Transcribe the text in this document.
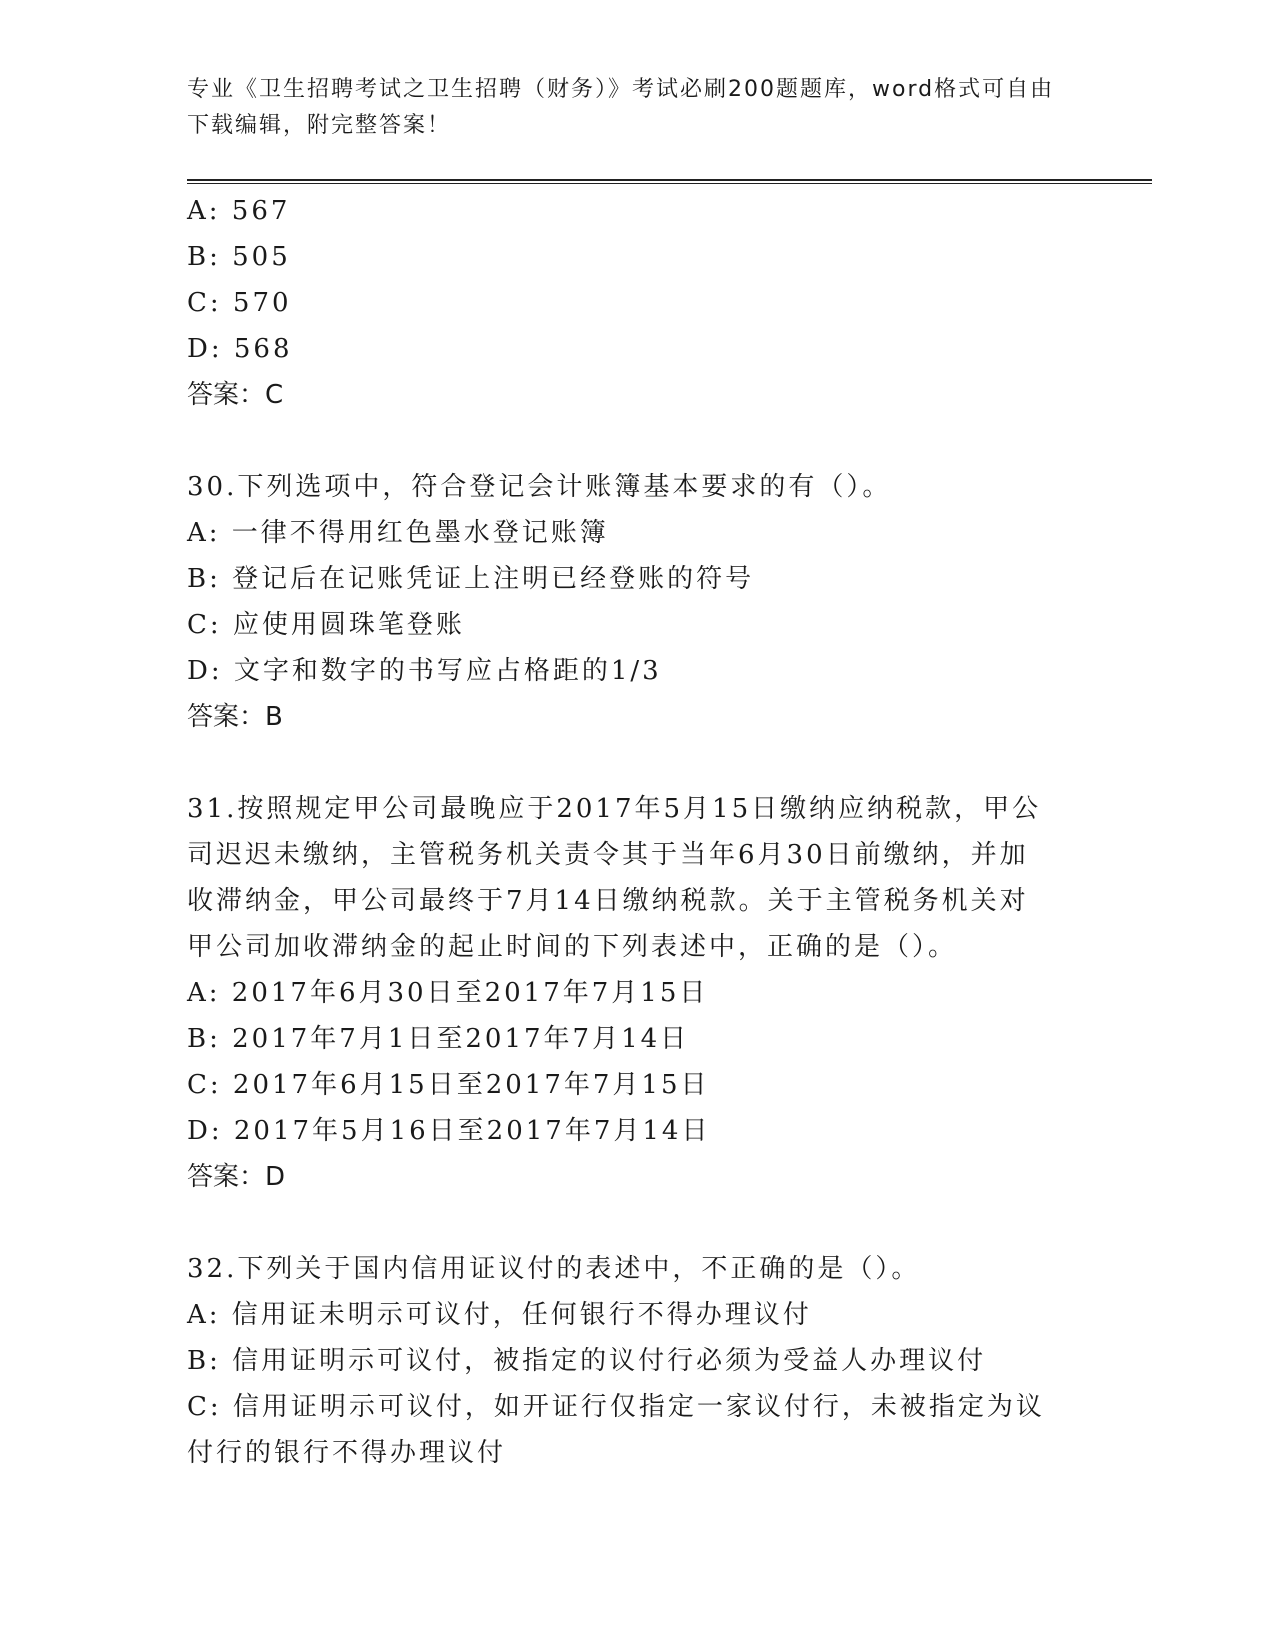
专业《卫生招聘考试之卫生招聘（财务）》考试必刷200题题库，word格式可自由下载编辑，附完整答案！
A: 567
B: 505
C: 570
D: 568
答案：C
30.下列选项中，符合登记会计账簿基本要求的有（）。
A: 一律不得用红色墨水登记账簿
B: 登记后在记账凭证上注明已经登账的符号
C: 应使用圆珠笔登账
D: 文字和数字的书写应占格距的1/3
答案：B
31.按照规定甲公司最晚应于2017年5月15日缴纳应纳税款，甲公司迟迟未缴纳，主管税务机关责令其于当年6月30日前缴纳，并加收滞纳金，甲公司最终于7月14日缴纳税款。关于主管税务机关对甲公司加收滞纳金的起止时间的下列表述中，正确的是（）。
A: 2017年6月30日至2017年7月15日
B: 2017年7月1日至2017年7月14日
C: 2017年6月15日至2017年7月15日
D: 2017年5月16日至2017年7月14日
答案：D
32.下列关于国内信用证议付的表述中，不正确的是（）。
A: 信用证未明示可议付，任何银行不得办理议付
B: 信用证明示可议付，被指定的议付行必须为受益人办理议付
C: 信用证明示可议付，如开证行仅指定一家议付行，未被指定为议付行的银行不得办理议付
